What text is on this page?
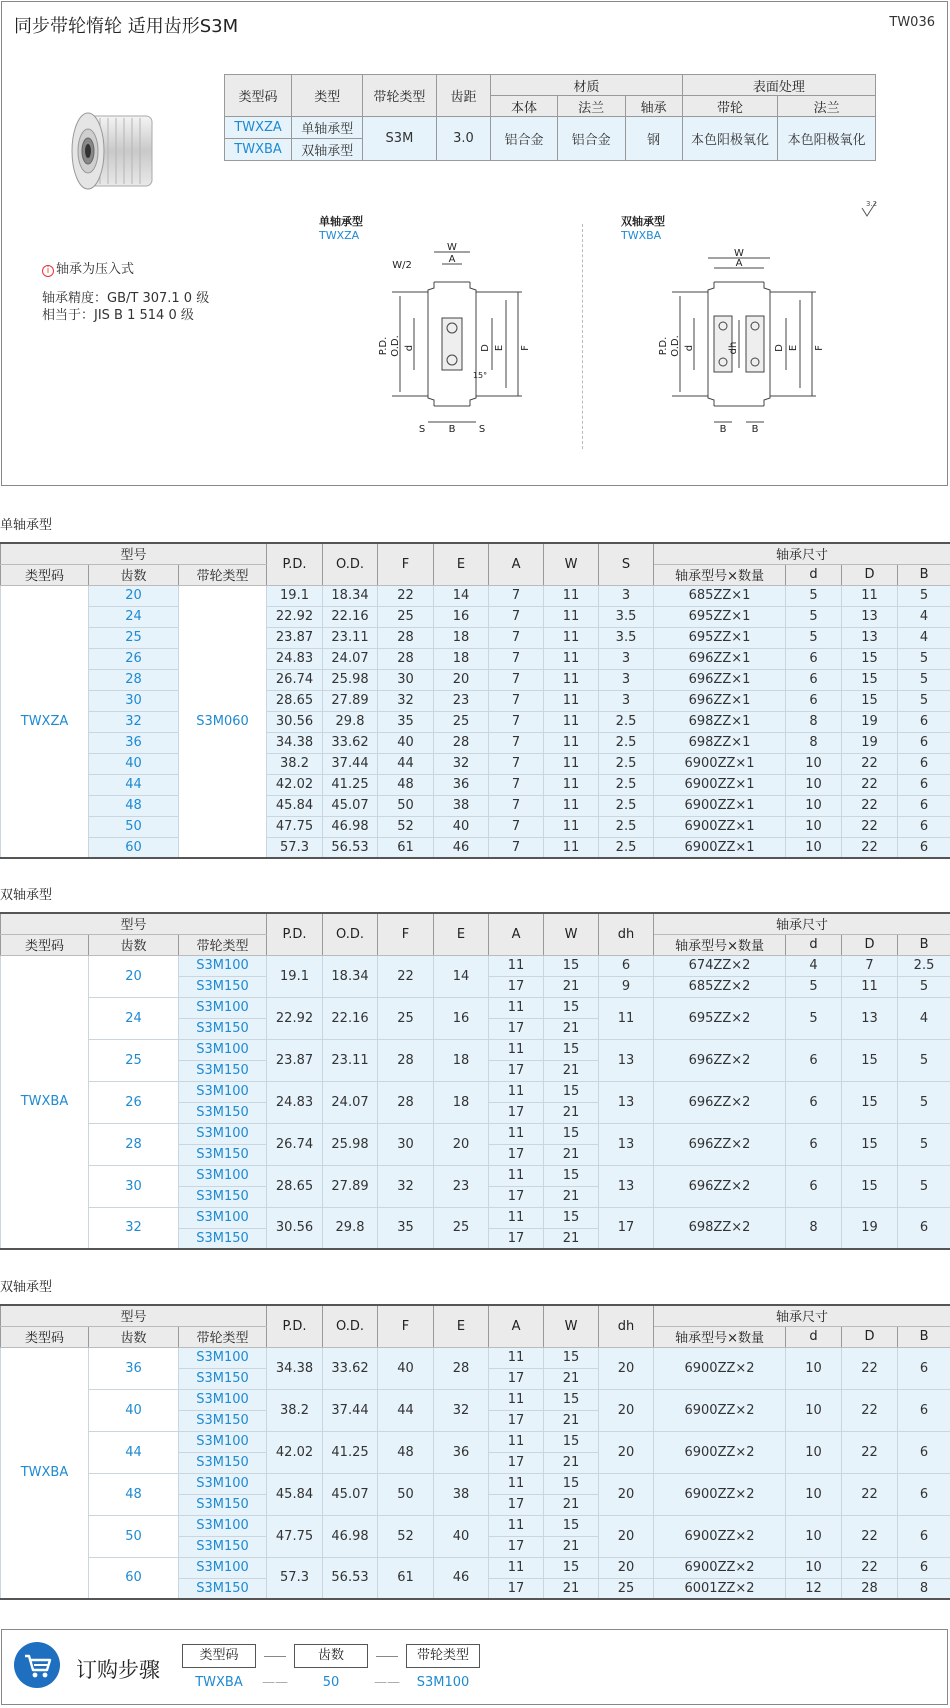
同步带轮惰轮 适用齿形S3M	TW036
i 轴承为压入式
轴承精度：GB/T 307.1 0 级
相当于：JIS B 1 514 0 级
单轴承型
TWXZA
双轴承型
TWXBA
W
A
W/2
P.D. O.D. d	D E F
S B S
15°
W
A
P.D. O.D. d	dh	D E F
B	B
3.2
类型码	类型	带轮类型	齿距	材质			表面处理	
				本体	法兰	轴承	带轮	法兰
TWXZA	单轴承型	S3M	3.0	铝合金	铝合金	钢	本色阳极氧化	本色阳极氧化
TWXBA	双轴承型							
单轴承型
型号			P.D.	O.D.	F	E	A	W	S	轴承尺寸			
类型码	齿数	带轮类型								轴承型号×数量	d	D	B
TWXZA	20	S3M060	19.1	18.34	22	14	7	11	3	685ZZ×1	5	11	5
	24		22.92	22.16	25	16	7	11	3.5	695ZZ×1	5	13	4
	25		23.87	23.11	28	18	7	11	3.5	695ZZ×1	5	13	4
	26		24.83	24.07	28	18	7	11	3	696ZZ×1	6	15	5
	28		26.74	25.98	30	20	7	11	3	696ZZ×1	6	15	5
	30		28.65	27.89	32	23	7	11	3	696ZZ×1	6	15	5
	32		30.56	29.8	35	25	7	11	2.5	698ZZ×1	8	19	6
	36		34.38	33.62	40	28	7	11	2.5	698ZZ×1	8	19	6
	40		38.2	37.44	44	32	7	11	2.5	6900ZZ×1	10	22	6
	44		42.02	41.25	48	36	7	11	2.5	6900ZZ×1	10	22	6
	48		45.84	45.07	50	38	7	11	2.5	6900ZZ×1	10	22	6
	50		47.75	46.98	52	40	7	11	2.5	6900ZZ×1	10	22	6
	60		57.3	56.53	61	46	7	11	2.5	6900ZZ×1	10	22	6
双轴承型
型号			P.D.	O.D.	F	E	A	W	dh	轴承尺寸			
类型码	齿数	带轮类型								轴承型号×数量	d	D	B
TWXBA	20	S3M100	19.1	18.34	22	14	11	15	6	674ZZ×2	4	7	2.5
		S3M150					17	21	9	685ZZ×2	5	11	5
	24	S3M100	22.92	22.16	25	16	11	15	11	695ZZ×2	5	13	4
		S3M150					17	21					
	25	S3M100	23.87	23.11	28	18	11	15	13	696ZZ×2	6	15	5
		S3M150					17	21					
	26	S3M100	24.83	24.07	28	18	11	15	13	696ZZ×2	6	15	5
		S3M150					17	21					
	28	S3M100	26.74	25.98	30	20	11	15	13	696ZZ×2	6	15	5
		S3M150					17	21					
	30	S3M100	28.65	27.89	32	23	11	15	13	696ZZ×2	6	15	5
		S3M150					17	21					
	32	S3M100	30.56	29.8	35	25	11	15	17	698ZZ×2	8	19	6
		S3M150					17	21					
双轴承型
型号			P.D.	O.D.	F	E	A	W	dh	轴承尺寸			
类型码	齿数	带轮类型								轴承型号×数量	d	D	B
TWXBA	36	S3M100	34.38	33.62	40	28	11	15	20	6900ZZ×2	10	22	6
		S3M150					17	21					
	40	S3M100	38.2	37.44	44	32	11	15	20	6900ZZ×2	10	22	6
		S3M150					17	21					
	44	S3M100	42.02	41.25	48	36	11	15	20	6900ZZ×2	10	22	6
		S3M150					17	21					
	48	S3M100	45.84	45.07	50	38	11	15	20	6900ZZ×2	10	22	6
		S3M150					17	21					
	50	S3M100	47.75	46.98	52	40	11	15	20	6900ZZ×2	10	22	6
		S3M150					17	21					
	60	S3M100	57.3	56.53	61	46	11	15	20	6900ZZ×2	10	22	6
		S3M150					17	21	25	6001ZZ×2	12	28	8
订购步骤
类型码	齿数	带轮类型
TWXBA	——	50	——	S3M100
